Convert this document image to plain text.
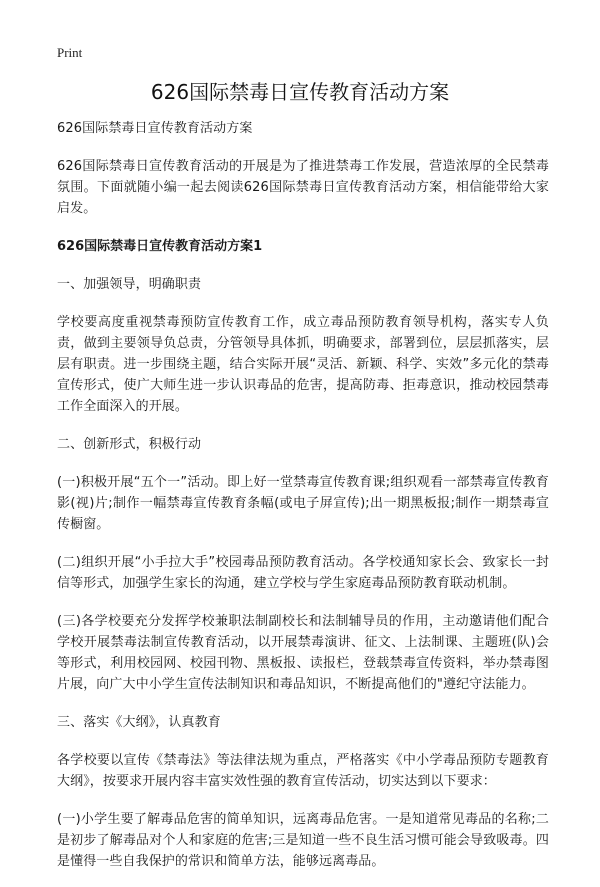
Print
626国际禁毒日宣传教育活动方案

626国际禁毒日宣传教育活动方案

626国际禁毒日宣传教育活动的开展是为了推进禁毒工作发展，营造浓厚的全民禁毒氛围。下面就随小编一起去阅读626国际禁毒日宣传教育活动方案，相信能带给大家启发。

626国际禁毒日宣传教育活动方案1

一、加强领导，明确职责

学校要高度重视禁毒预防宣传教育工作，成立毒品预防教育领导机构，落实专人负责，做到主要领导负总责，分管领导具体抓，明确要求，部署到位，层层抓落实，层层有职责。进一步围绕主题，结合实际开展“灵活、新颖、科学、实效”多元化的禁毒宣传形式，使广大师生进一步认识毒品的危害，提高防毒、拒毒意识，推动校园禁毒工作全面深入的开展。

二、创新形式，积极行动

(一)积极开展“五个一”活动。即上好一堂禁毒宣传教育课;组织观看一部禁毒宣传教育影(视)片;制作一幅禁毒宣传教育条幅(或电子屏宣传);出一期黑板报;制作一期禁毒宣传橱窗。

(二)组织开展“小手拉大手”校园毒品预防教育活动。各学校通知家长会、致家长一封信等形式，加强学生家长的沟通，建立学校与学生家庭毒品预防教育联动机制。

(三)各学校要充分发挥学校兼职法制副校长和法制辅导员的作用，主动邀请他们配合学校开展禁毒法制宣传教育活动，以开展禁毒演讲、征文、上法制课、主题班(队)会等形式，利用校园网、校园刊物、黑板报、读报栏，登载禁毒宣传资料，举办禁毒图片展，向广大中小学生宣传法制知识和毒品知识，不断提高他们的"遵纪守法能力。

三、落实《大纲》，认真教育

各学校要以宣传《禁毒法》等法律法规为重点，严格落实《中小学毒品预防专题教育大纲》，按要求开展内容丰富实效性强的教育宣传活动，切实达到以下要求：

(一)小学生要了解毒品危害的简单知识，远离毒品危害。一是知道常见毒品的名称;二是初步了解毒品对个人和家庭的危害;三是知道一些不良生活习惯可能会导致吸毒。四是懂得一些自我保护的常识和简单方法，能够远离毒品。
